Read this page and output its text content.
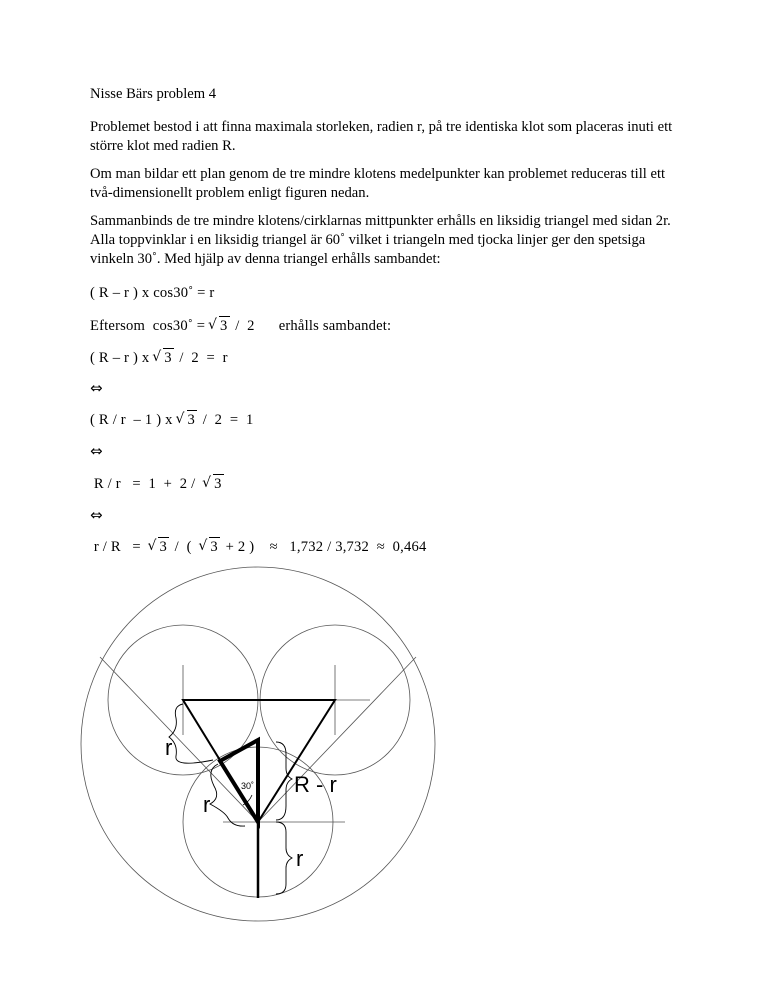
Nisse Bärs problem 4

Problemet bestod i att finna maximala storleken, radien r, på tre identiska klot som placeras inuti ett större klot med radien R.

Om man bildar ett plan genom de tre mindre klotens medelpunkter kan problemet reduceras till ett två-dimensionellt problem enligt figuren nedan.

Sammanbinds de tre mindre klotens/cirklarnas mittpunkter erhålls en liksidig triangel med sidan 2r. Alla toppvinklar i en liksidig triangel är 60˚ vilket i triangeln med tjocka linjer ger den spetsiga vinkeln 30˚. Med hjälp av denna triangel erhålls sambandet:

( R – r ) x cos30˚ = r
Eftersom  cos30˚ = √ 3  /  2 erhålls sambandet:
( R – r ) x √ 3  /  2  =  r
⇔
( R / r  – 1 ) x √ 3  /  2  =  1
⇔
R / r   =  1  +  2 /  √ 3
⇔
r / R   =  √ 3  /  (  √ 3  + 2 )    ≈   1,732 / 3,732  ≈  0,464
r
r
R - r
r
30˚
